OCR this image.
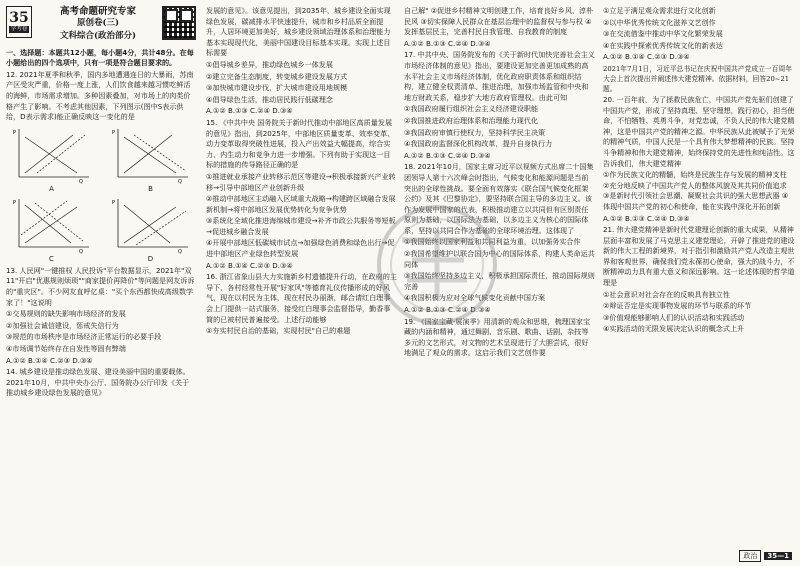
35
学考卷
高考命题研究专家
原创卷(三)
文科综合(政治部分)

一、选择题：本题共12小题，每小题4分，共计48分。在每小题给出的四个选项中，只有一项是符合题目要求的。

12. 2021年夏季和秋季，国内多地遭遇连日的大暴雨，苏南产区受灾严重，价格一度上涨，人们饮食越来越习惯吃鲜活的海鲜，市场需求增加。多种因素叠加，对市场上的肉类价格产生了影响。不考虑其他因素，下列图示(图中S表示供给，D表示需求)能正确反映这一变化的是

P
Q
A
P
Q
B
P
Q
C
P
Q
D

13. 人民网"一键推权 人民投诉"平台数据显示，2021年"双11"开启"优惠规则烦琐""商家提价再降价"等问题是网友诉诉的"重灾区"。不少网友直呼亿桌："买个东西都快成高级数学家了！"这说明

①交易规则的缺失影响市场经济的发展

②加强社会诚信建设，惩戒失信行为

③规范的市场秩序是市场经济正常运行的必要手段

④市场调节始终存在自发性等固有弊端

A.①② B.①④ C.②③ D.③④

14. 城乡建设是推动绿色发展、建设美丽中国的重要载体。2021年10月，中共中央办公厅、国务院办公厅印发《关于推动城乡建设绿色发展的意见》

发展的意见》。该意见提出，到2035年，城乡建设全面实现绿色发展，碳减排水平快速提升，城市和乡村品质全面提升，人居环境更加美好，城乡建设领域治理体系和治理能力基本实现现代化，美丽中国建设目标基本实现。实现上述目标需要

①倡导城乡差异，推动绿色城乡一体发展

②建立完备生态制度，转变城乡建设发展方式

③加快城市建设步伐，扩大城市建设用地规模

④倡导绿色生活，推动居民践行低碳理念

A.①② B.①③ C.②④ D.③④

15. 《中共中央 国务院关于新时代推动中部地区高质量发展的意见》指出，到2025年，中部地区质量变革、效率变革、动力变革取得突破性进展，投入产出效益大幅提高，综合实力、内生动力和竞争力进一步增强。下列有助于实现这一目标的措施的传导路径正确的是

①推进就业承接产业转移示范区等建设→积极承接新兴产业转移→引导中部地区产业创新升级

②推动中部地区主动融入区域重大战略→构建跨区域融合发展新机制→将中部地区发展优势转化为竞争优势

③系统化全域化推进海绵城市建设→补齐市政公共服务等短板→促进城乡融合发展

④开展中部地区低碳城市试点→加强绿色消费和绿色出行→促进中部地区产业绿色转型发展

A.①② B.①④ C.②③ D.③④

16. 浙江省象山县大力实施新乡村遗德提升行动，在政府的主导下，各村经常性开展"好家风"等德育礼仪传播形成的好风气，现在以村民为主体，现在村民办丽渐，邮合请红白理事会上门提供一站式服务，接受红白理事会监督指导，勤香事简的已被村民普遍接受。上述行动能够

①夯实村民自治的基础，实现村民"自己的难题

自己解" ②促进乡村精神文明创建工作，培育良好乡风、淳朴民风 ③切实保障人民群众在基层治理中的监督权与参与权 ④发挥基层民主，完善村民自我管理、自我教育的制度

A.①② B.①③ C.②④ D.③④

17. 中共中央、国务院发布的《关于新时代加快完善社会主义市场经济体制的意见》指出，要建设更加完善更加成熟的高水平社会主义市场经济体制，优化政府职责体系和组织结构，建立健全权责清单、推进治理，加强市场监管和中央和地方财政关系，稳步扩大地方政府管理权。由此可知

①我国政府履行组织社会主义经济建设职能

②我国推进政府治理体系和治理能力现代化

③我国政府审慎行使权力，坚持科学民主决策

④我国政府监督深化机构改革，提升自身执行力

A.①② B.①③ C.②④ D.③④

18. 2021年10月，国家主席习近平以视频方式出席二十国集团领导人第十六次峰会时指出，气候变化和能源问题是当前突出的全球性挑战。要全面有效落实《联合国气候变化框架公约》及其《巴黎协定》，要坚持联合国主导的多边主义。该作为发展中国家的代表，积极推动建立以共同但有区别责任原则为基础，以国际法为基础，以多边主义为核心的国际体系，坚持以共同合作为基础的全球环境治理。这体现了

①我国始终以国家利益和共同利益为重，以加强务实合作

②我国希望维护以联合国为中心的国际体系，构建人类命运共同体

③我国始终坚持多边主义，积极承担国际责任，推动国际规则完善

④我国积极为应对全球气候变化贡献中国方案

A.①② B.①③ C.②④ D.③④

19. 《国家宝藏·展演季》用清新的观众和思维，梳理国家宝藏的内涵和精神，通过舞剧、音乐剧、歌曲、话剧、杂技等多元的文艺形式，对文物的艺术呈现进行了大胆尝试，很好地满足了观众的需求。这启示我们文艺创作要

①立足于满足观众需求进行文化创新

②以中华优秀传统文化滋养文艺创作

③在交流借鉴中推动中华文化繁荣发展

④在实践中探索优秀传统文化的新表达

A.①② B.①④ C.②③ D.③④

2021年7月1日，习近平总书记在庆祝中国共产党成立一百周年大会上首次提出并阐述伟大建党精神。依据材料，回答20~21题。

20. 一百年前，为了拯救民族危亡，中国共产党先驱们创建了中国共产党，形成了坚持真理、坚守理想，践行初心，担当使命，不怕牺牲、英勇斗争，对党忠诚，不负人民的伟大建党精神，这是中国共产党的精神之源。中华民族从此被赋予了光荣的精神气质，中国人民是一个具有伟大梦想精神的民族。坚持斗争精神和伟大建党精神，始终保持党的先进性和纯洁性。这告诉我们，伟大建党精神

①作为民族文化的精髓，始终是民族生存与发展的精神支柱 ②充分地反映了中国共产党人的整体风貌及其共同价值追求 ③是新时代引领社会思潮、凝聚社会共识的强大思想武器 ④体现中国共产党的初心和使命，能在实践中深化开拓创新

A.①② B.①③ C.②④ D.③④

21. 伟大建党精神是新时代党建理论创新的重大成果，从精神层面丰富和发展了马克思主义建党理论，开辟了推进党的建设新的伟大工程的新境界，对于指引和激励共产党人改造主观世界和客观世界，确保我们党永葆初心使命，强大的战斗力，不断精神动力具有重大意义和深远影响。这一论述体现的哲学道理是

①社会意识对社会存在的反映具有独立性

②辩证否定是实现事物发展的环节与联系的环节

③价值观能够影响人们的认识活动和实践活动

④实践活动的无限发展决定认识的概念式上升

政治	35—1
